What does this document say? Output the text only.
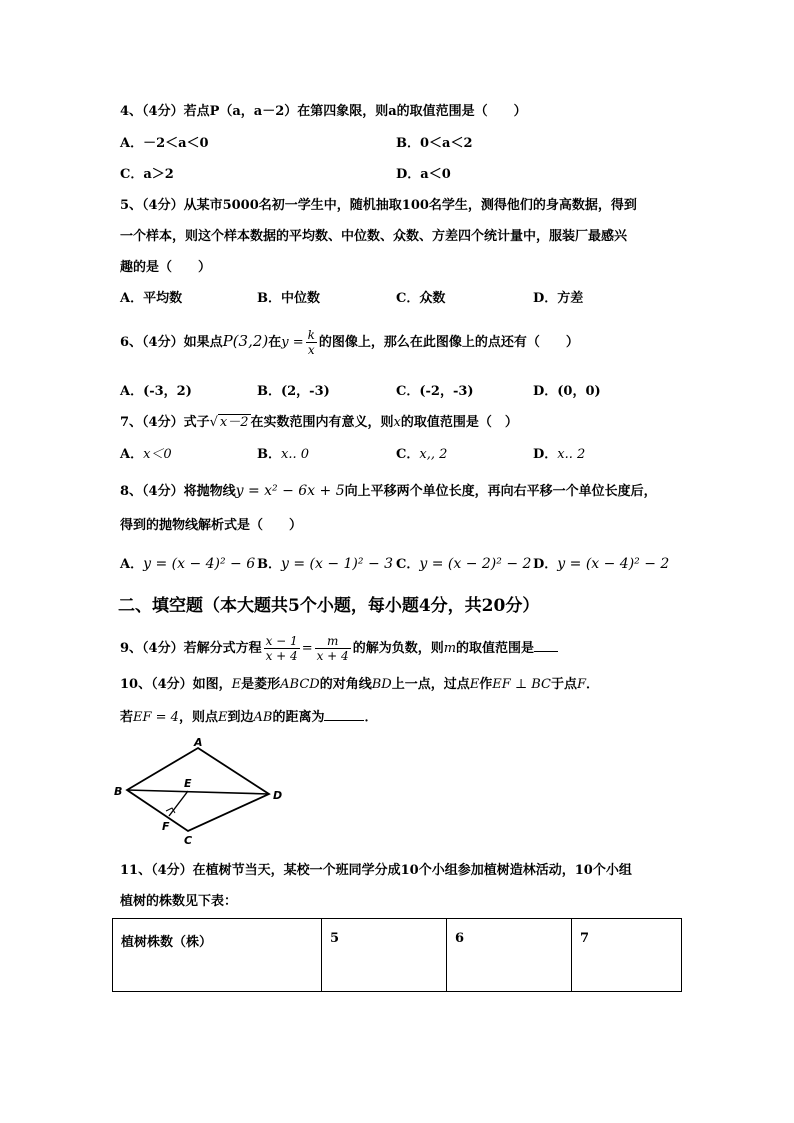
4、（4分）若点P（a，a－2）在第四象限，则a的取值范围是（　　）
A．－2＜a＜0	B．0＜a＜2
C．a＞2	D．a＜0
5、（4分）从某市5000名初一学生中，随机抽取100名学生，测得他们的身高数据，得到
一个样本，则这个样本数据的平均数、中位数、众数、方差四个统计量中，服装厂最感兴
趣的是（　　）
A．平均数	B．中位数	C．众数	D．方差
6、（4分）如果点P(3,2)在$y = \frac{k}{x}$ 的图像上，那么在此图像上的点还有（　　）
A．(-3，2)	B．(2，-3)	C．(-2，-3)	D．(0，0)
7、（4分）式子√ x－2 在实数范围内有意义，则x的取值范围是（　）
A．x＜0	B．x.. 0	C．x,, 2	D．x.. 2
8、（4分）将抛物线y = x² − 6x + 5向上平移两个单位长度，再向右平移一个单位长度后，
得到的抛物线解析式是（　　）
A．y = (x − 4)² − 6 B．y = (x − 1)² − 3 C．y = (x − 2)² − 2 D．y = (x − 4)² − 2
二、填空题（本大题共5个小题，每小题4分，共20分）
9、（4分）若解分式方程 $\frac{x - 1}{x + 4} = \frac{m}{x + 4}$ 的解为负数，则m的取值范围是
10、（4分）如图，E是菱形ABCD的对角线BD上一点，过点E作EF ⊥ BC于点F．
若EF = 4，则点E到边AB的距离为	．
A
B
C
D
E
F
11、（4分）在植树节当天，某校一个班同学分成10个小组参加植树造林活动，10个小组
植树的株数见下表：
植树株数（株）	5	6	7
